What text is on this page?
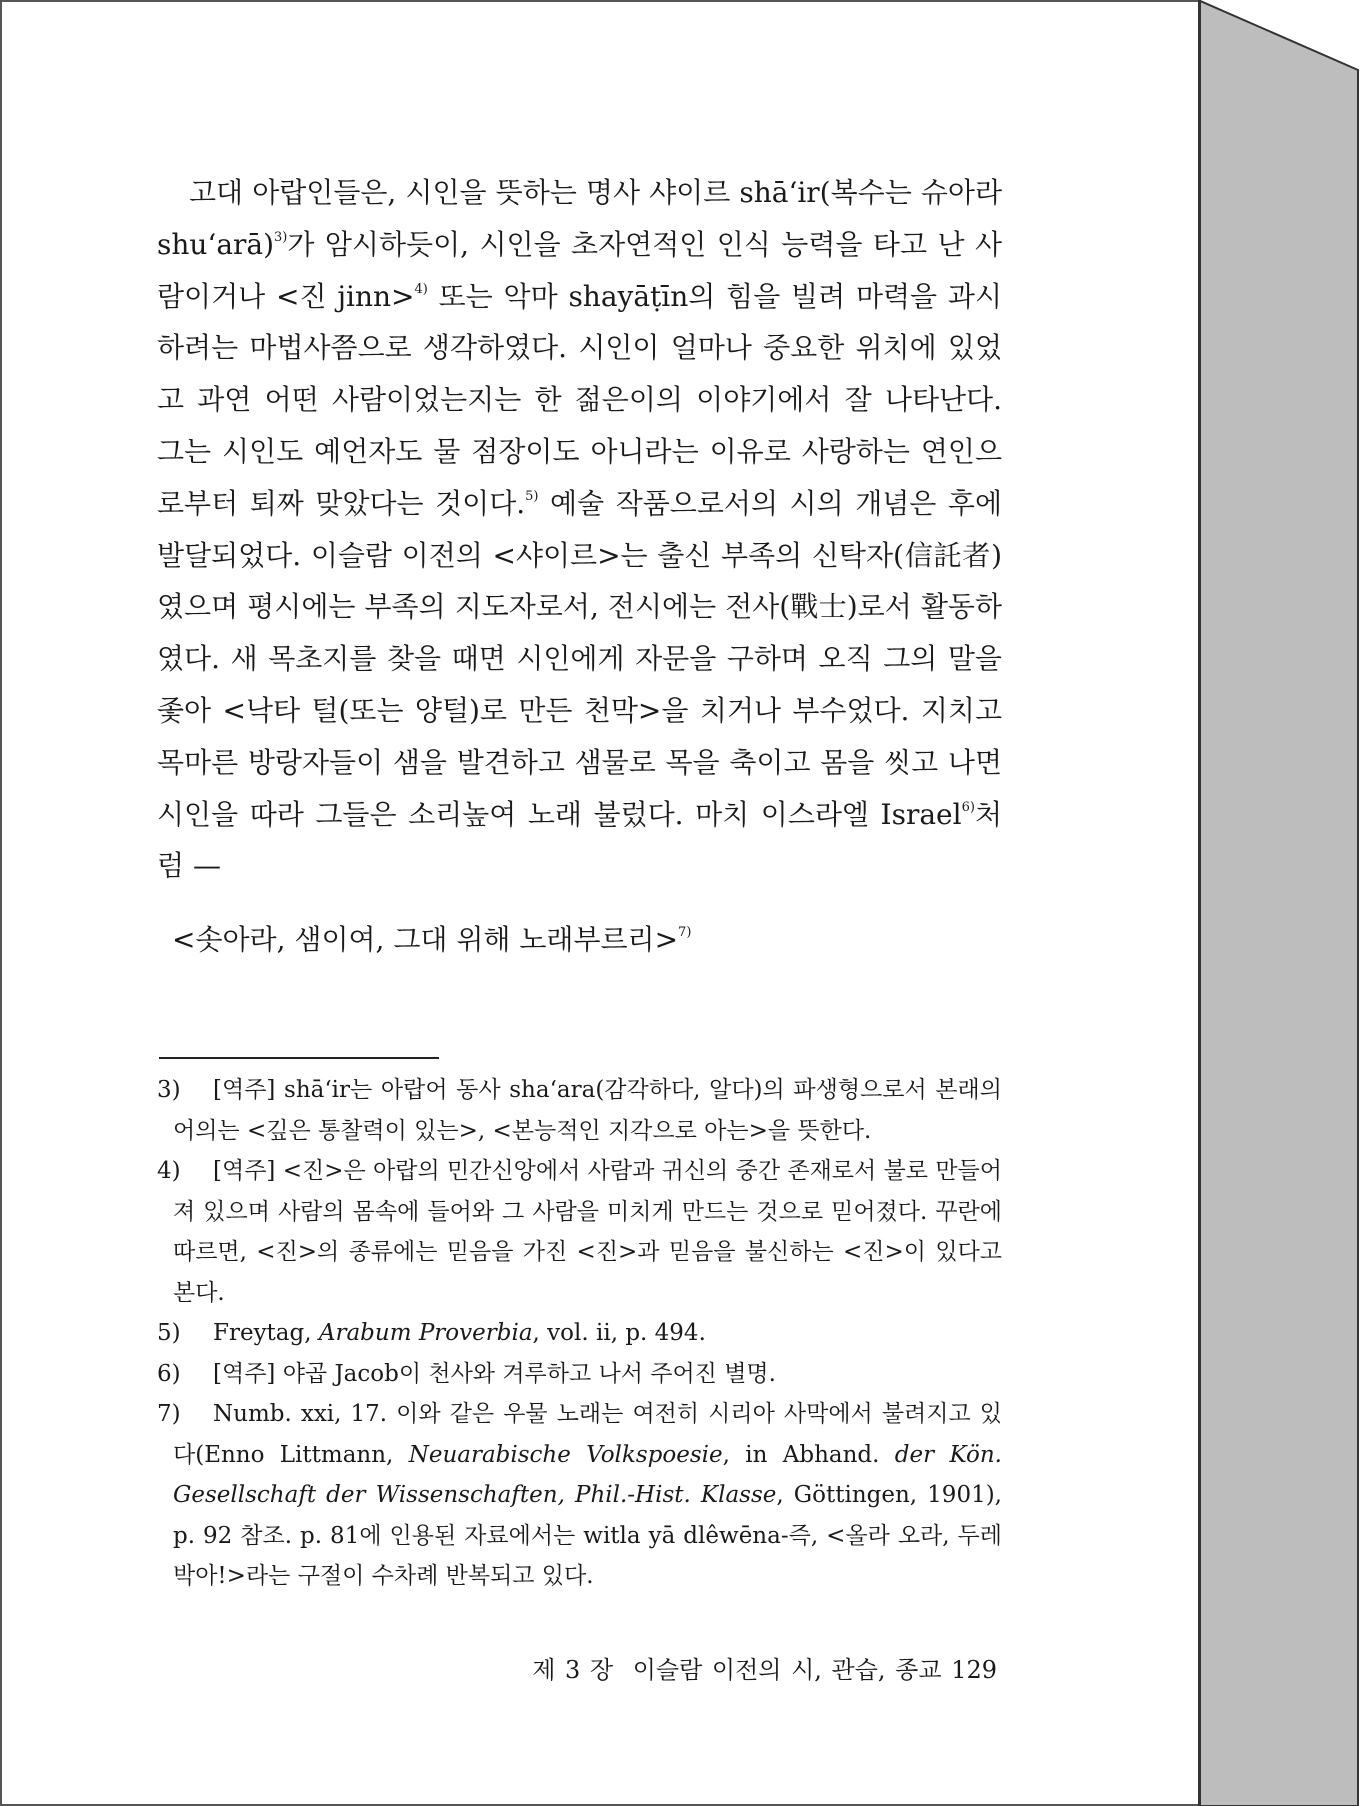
고대 아랍인들은, 시인을 뜻하는 명사 샤이르 shā‘ir(복수는 슈아라 shu‘arā)$^{3)}$가 암시하듯이, 시인을 초자연적인 인식 능력을 타고 난 사람이거나 <진 jinn>$^{4)}$ 또는 악마 shayāṭīn의 힘을 빌려 마력을 과시하려는 마법사쯤으로 생각하였다. 시인이 얼마나 중요한 위치에 있었고 과연 어떤 사람이었는지는 한 젊은이의 이야기에서 잘 나타난다. 그는 시인도 예언자도 물 점장이도 아니라는 이유로 사랑하는 연인으로부터 퇴짜 맞았다는 것이다.$^{5)}$ 예술 작품으로서의 시의 개념은 후에 발달되었다. 이슬람 이전의 <샤이르>는 출신 부족의 신탁자(信託者)였으며 평시에는 부족의 지도자로서, 전시에는 전사(戰士)로서 활동하였다. 새 목초지를 찾을 때면 시인에게 자문을 구하며 오직 그의 말을 좇아 <낙타 털(또는 양털)로 만든 천막>을 치거나 부수었다. 지치고 목마른 방랑자들이 샘을 발견하고 샘물로 목을 축이고 몸을 씻고 나면 시인을 따라 그들은 소리높여 노래 불렀다. 마치 이스라엘 Israel$^{6)}$처럼 —

<솟아라, 샘이여, 그대 위해 노래부르리>$^{7)}$

3)	[역주] shā‘ir는 아랍어 동사 sha‘ara(감각하다, 알다)의 파생형으로서 본래의 어의는 <깊은 통찰력이 있는>, <본능적인 지각으로 아는>을 뜻한다.
4)	[역주] <진>은 아랍의 민간신앙에서 사람과 귀신의 중간 존재로서 불로 만들어져 있으며 사람의 몸속에 들어와 그 사람을 미치게 만드는 것으로 믿어졌다. 꾸란에 따르면, <진>의 종류에는 믿음을 가진 <진>과 믿음을 불신하는 <진>이 있다고 본다.
5)	Freytag, Arabum Proverbia, vol. ii, p. 494.
6)	[역주] 야곱 Jacob이 천사와 겨루하고 나서 주어진 별명.
7)	Numb. xxi, 17. 이와 같은 우물 노래는 여전히 시리아 사막에서 불려지고 있다(Enno Littmann, Neuarabische Volkspoesie, in Abhand. der Kön. Gesellschaft der Wissenschaften, Phil.-Hist. Klasse, Göttingen, 1901), p. 92 참조. p. 81에 인용된 자료에서는 witla yā dlêwēna-즉, <올라 오라, 두레박아!>라는 구절이 수차례 반복되고 있다.

제 3 장 이슬람 이전의 시, 관습, 종교 129
